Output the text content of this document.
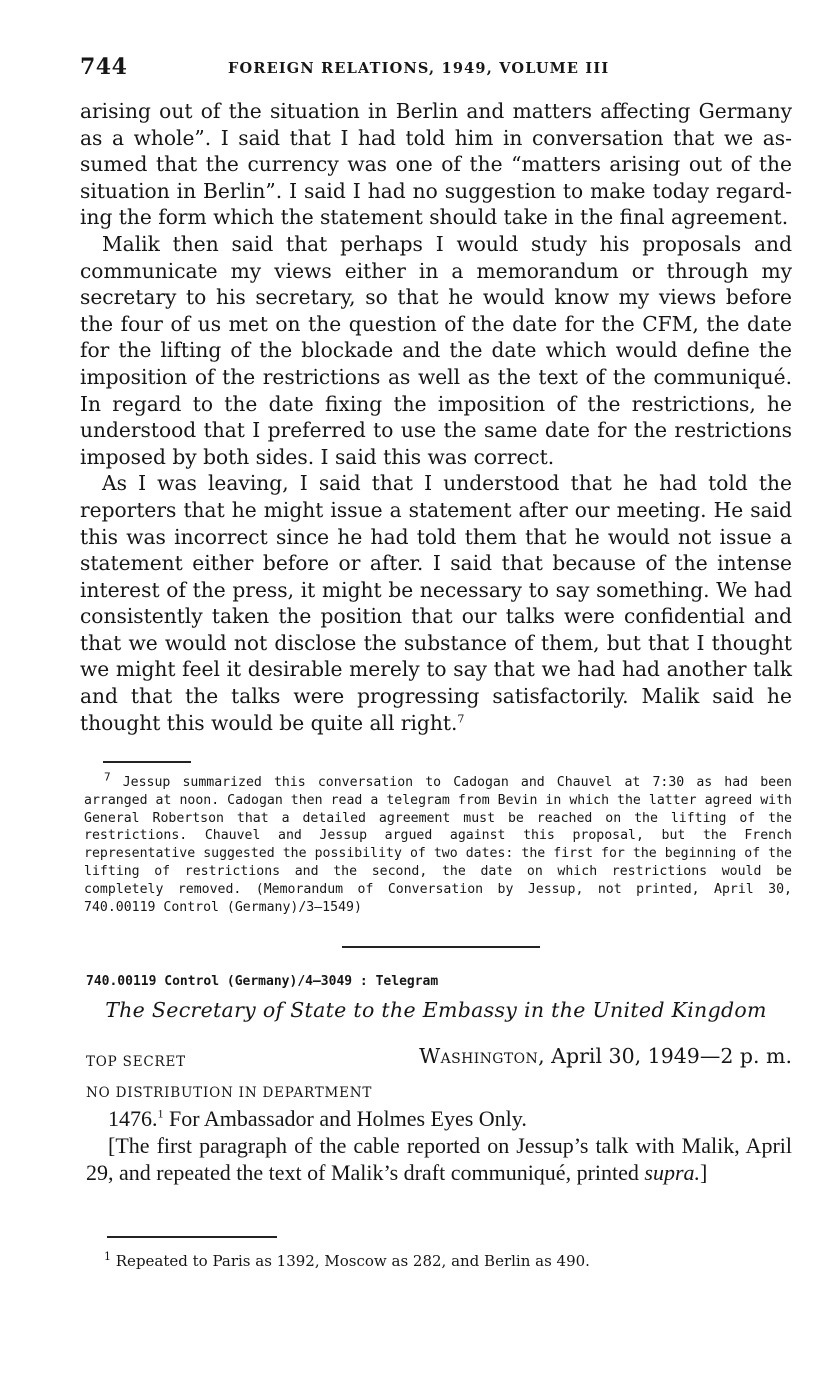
744	FOREIGN RELATIONS, 1949, VOLUME III

arising out of the situation in Berlin and matters affecting Germany as a whole”. I said that I had told him in conversation that we assumed that the currency was one of the “matters arising out of the situation in Berlin”. I said I had no suggestion to make today regarding the form which the statement should take in the final agreement.

Malik then said that perhaps I would study his proposals and communicate my views either in a memorandum or through my secretary to his secretary, so that he would know my views before the four of us met on the question of the date for the CFM, the date for the lifting of the blockade and the date which would define the imposition of the restrictions as well as the text of the communiqué. In regard to the date fixing the imposition of the restrictions, he understood that I preferred to use the same date for the restrictions imposed by both sides. I said this was correct.

As I was leaving, I said that I understood that he had told the reporters that he might issue a statement after our meeting. He said this was incorrect since he had told them that he would not issue a statement either before or after. I said that because of the intense interest of the press, it might be necessary to say something. We had consistently taken the position that our talks were confidential and that we would not disclose the substance of them, but that I thought we might feel it desirable merely to say that we had had another talk and that the talks were progressing satisfactorily. Malik said he thought this would be quite all right.$^7$

$^7$ Jessup summarized this conversation to Cadogan and Chauvel at 7:30 as had been arranged at noon. Cadogan then read a telegram from Bevin in which the latter agreed with General Robertson that a detailed agreement must be reached on the lifting of the restrictions. Chauvel and Jessup argued against this proposal, but the French representative suggested the possibility of two dates: the first for the beginning of the lifting of restrictions and the second, the date on which restrictions would be completely removed. (Memorandum of Conversation by Jessup, not printed, April 30, 740.00119 Control (Germany)/3–1549)

740.00119 Control (Germany)/4–3049 : Telegram
The Secretary of State to the Embassy in the United Kingdom
TOP SECRET	Washington, April 30, 1949—2 p. m.
NO DISTRIBUTION IN DEPARTMENT

1476.$^1$ For Ambassador and Holmes Eyes Only.

[The first paragraph of the cable reported on Jessup’s talk with Malik, April 29, and repeated the text of Malik’s draft communiqué, printed supra.]

$^1$ Repeated to Paris as 1392, Moscow as 282, and Berlin as 490.
